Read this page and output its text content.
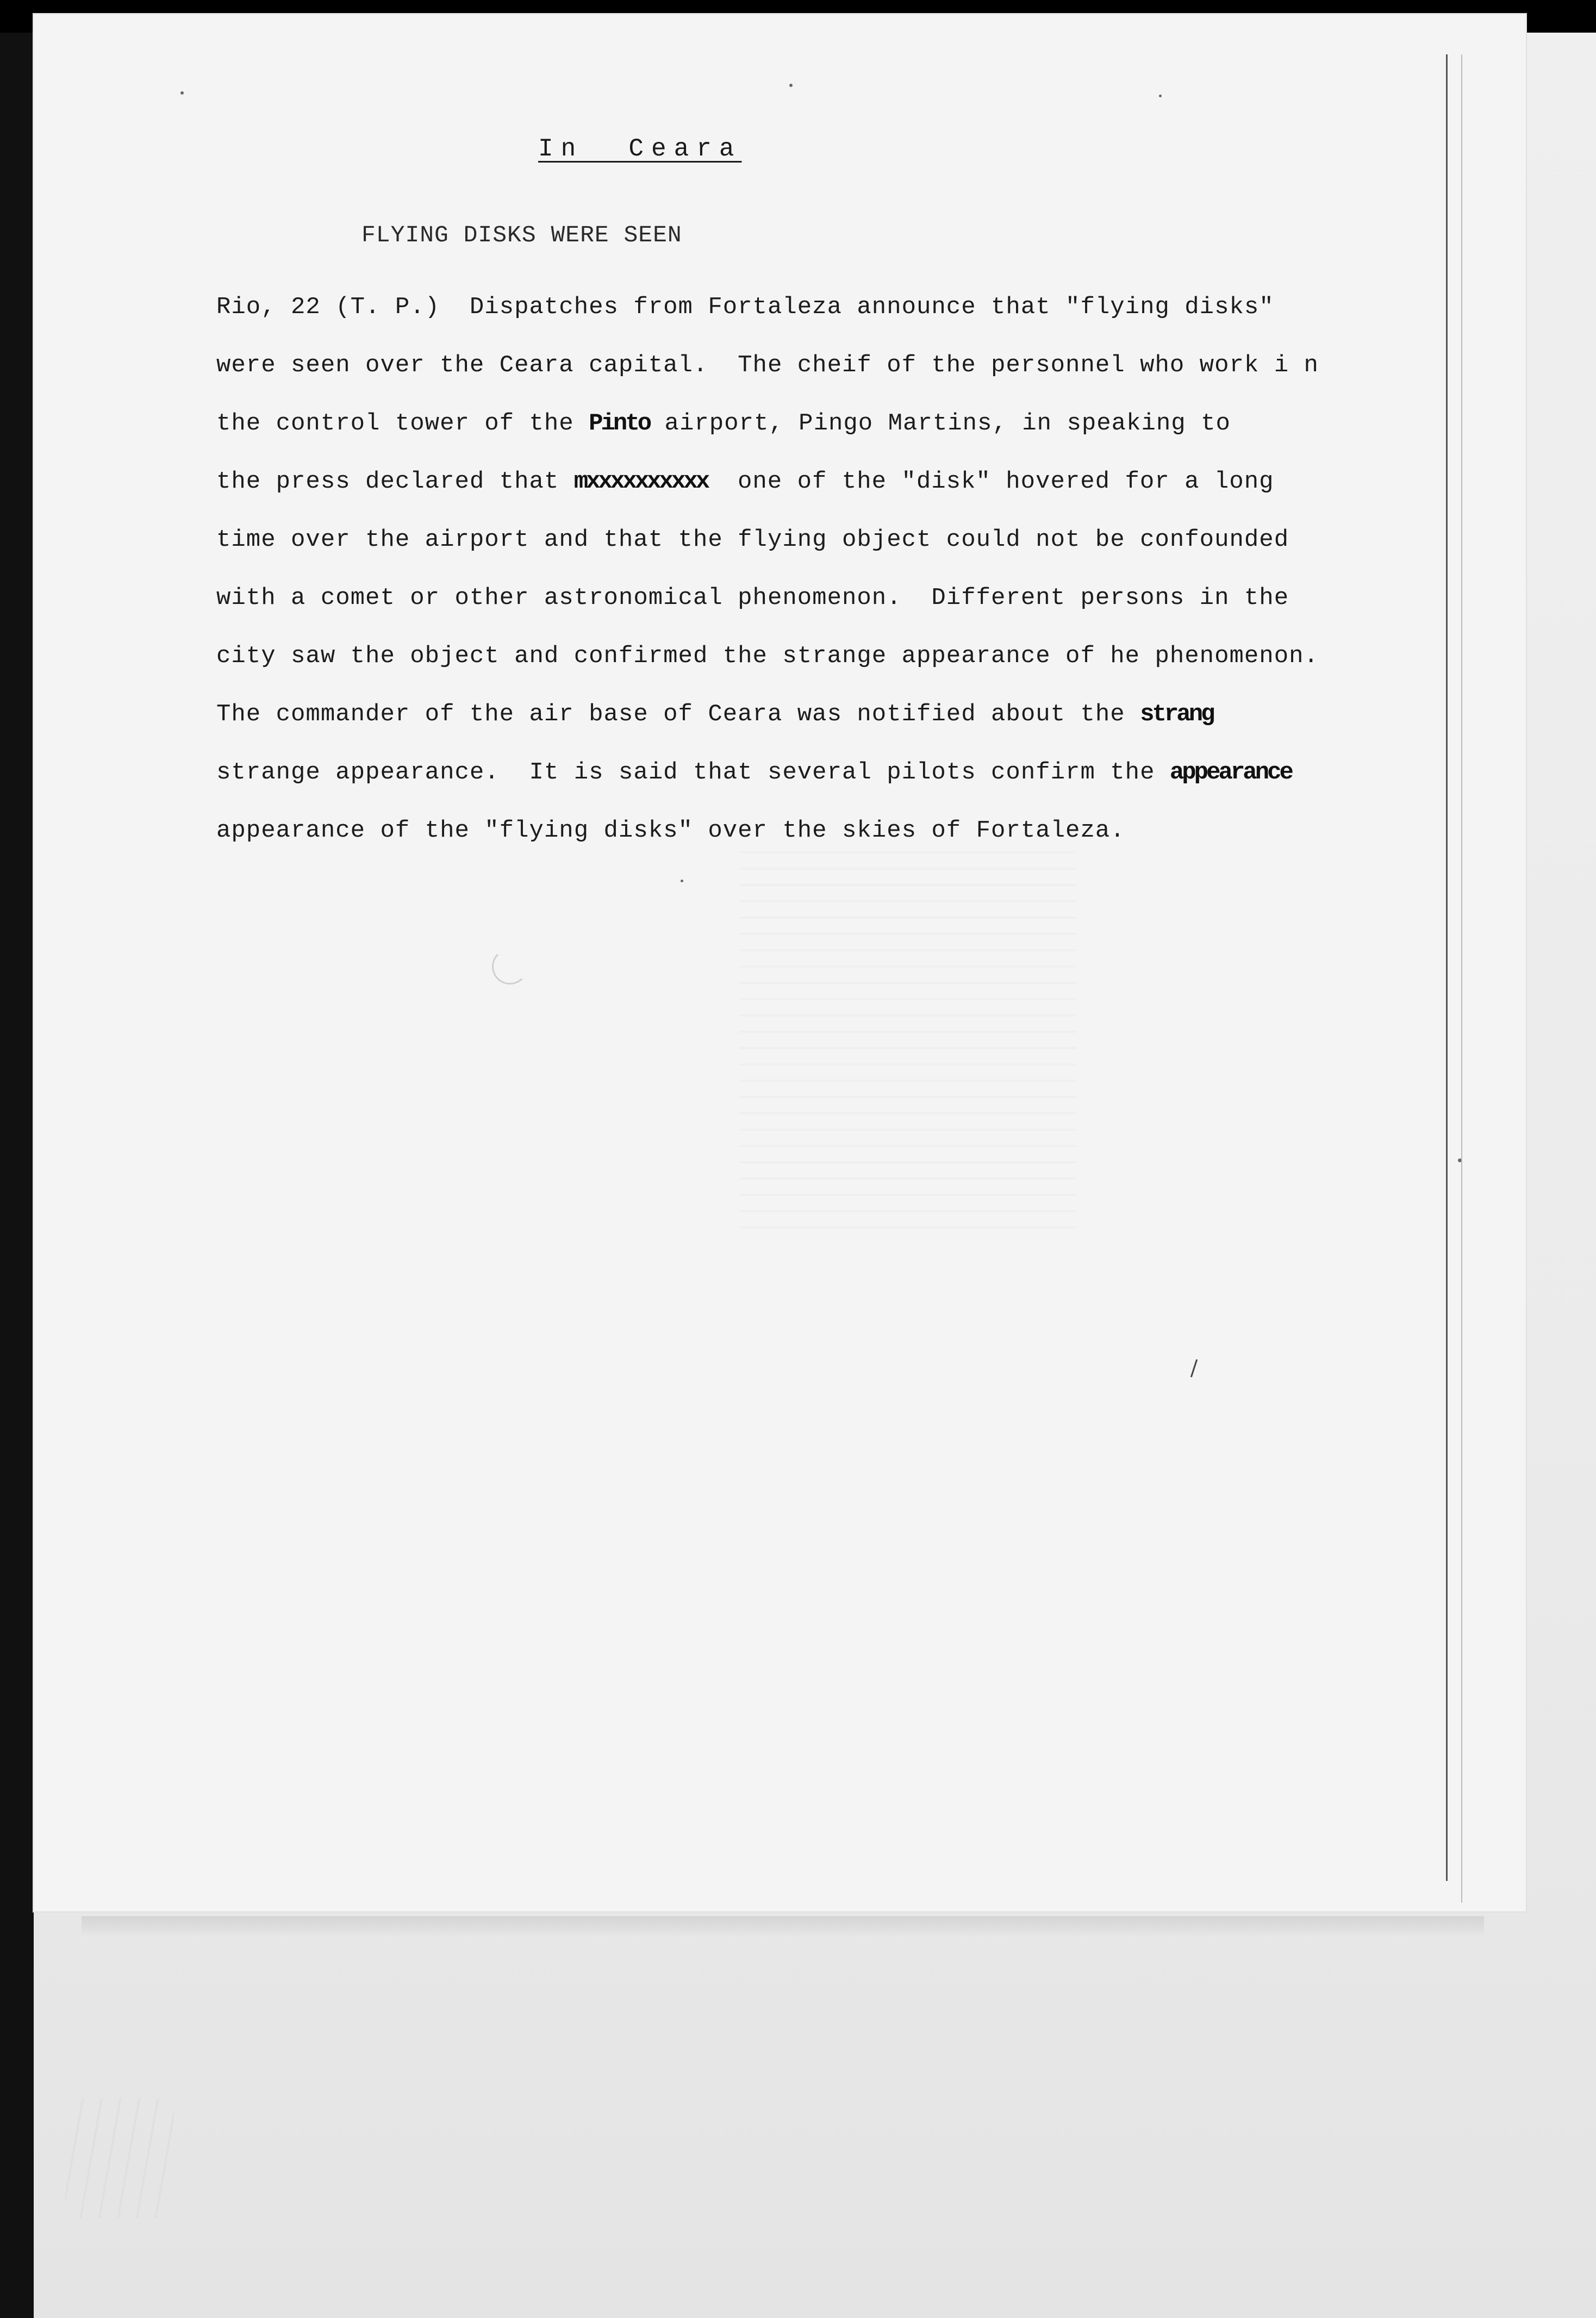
In  Ceara
FLYING DISKS WERE SEEN
Rio, 22 (T. P.)  Dispatches from Fortaleza announce that "flying disks"
were seen over the Ceara capital.  The cheif of the personnel who work i n
the control tower of the Pinto airport, Pingo Martins, in speaking to
the press declared that mxxxxxxxxxx  one of the "disk" hovered for a long
time over the airport and that the flying object could not be confounded
with a comet or other astronomical phenomenon.  Different persons in the
city saw the object and confirmed the strange appearance of he phenomenon.
The commander of the air base of Ceara was notified about the strang
strange appearance.  It is said that several pilots confirm the appearance
appearance of the "flying disks" over the skies of Fortaleza.
